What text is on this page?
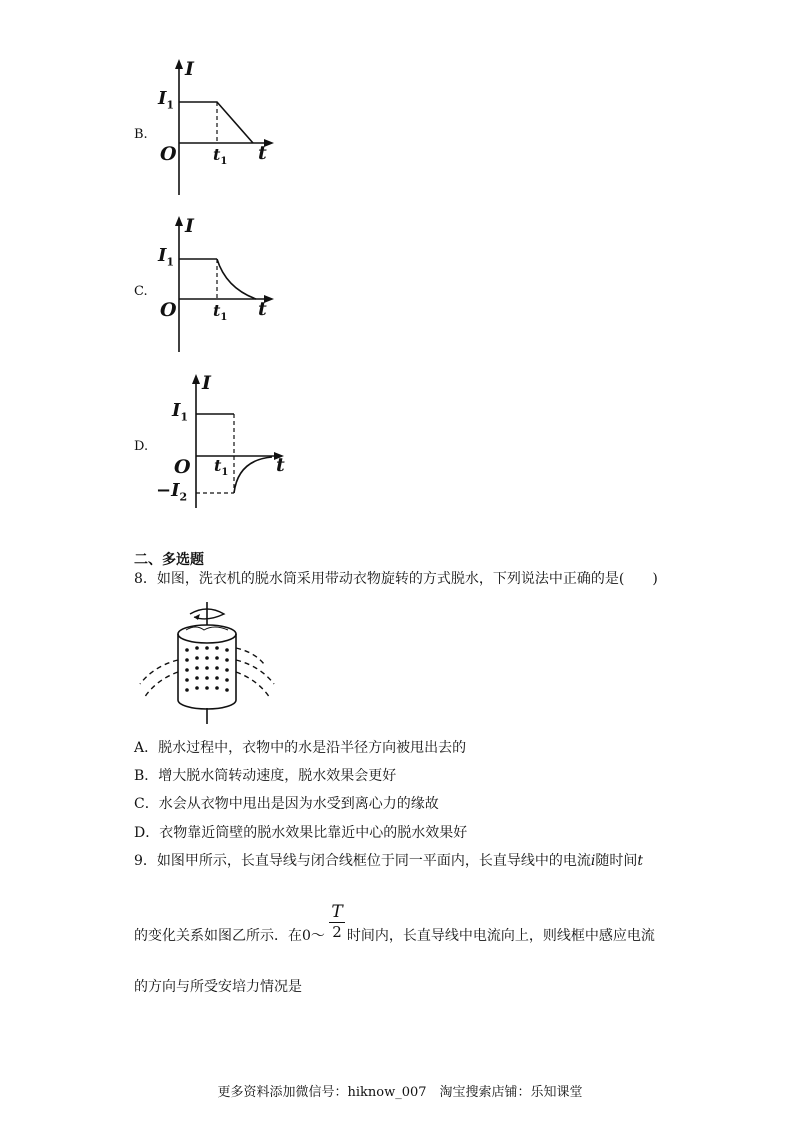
B.
I
t
O
$I_1$
$t_1$
C.
I
t
O
$I_1$
$t_1$
D.
I
t
O
$I_1$
$t_1$
$-I_2$
二、多选题
8．如图，洗衣机的脱水筒采用带动衣物旋转的方式脱水，下列说法中正确的是(　　)
A．脱水过程中，衣物中的水是沿半径方向被甩出去的
B．增大脱水筒转动速度，脱水效果会更好
C．水会从衣物中甩出是因为水受到离心力的缘故
D．衣物靠近筒壁的脱水效果比靠近中心的脱水效果好
9．如图甲所示，长直导线与闭合线框位于同一平面内，长直导线中的电流i随时间t
的变化关系如图乙所示．在0～ 时间内，长直导线中电流向上，则线框中感应电流
$\frac{T}{2}$
的方向与所受安培力情况是
更多资料添加微信号：hiknow_007　淘宝搜索店铺：乐知课堂
